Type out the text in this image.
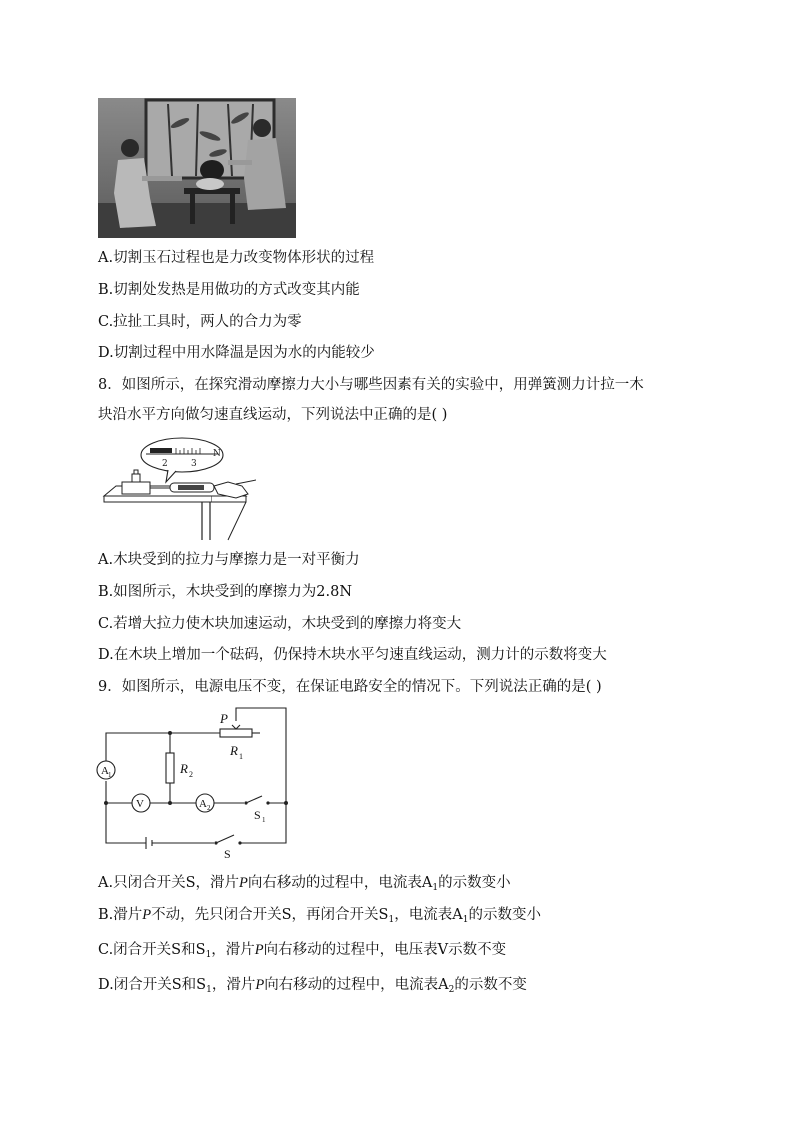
A.切割玉石过程也是力改变物体形状的过程
B.切割处发热是用做功的方式改变其内能
C.拉扯工具时，两人的合力为零
D.切割过程中用水降温是因为水的内能较少
8．如图所示，在探究滑动摩擦力大小与哪些因素有关的实验中，用弹簧测力计拉一木
块沿水平方向做匀速直线运动，下列说法中正确的是( )
2	3
N
A.木块受到的拉力与摩擦力是一对平衡力
B.如图所示，木块受到的摩擦力为2.8N
C.若增大拉力使木块加速运动，木块受到的摩擦力将变大
D.在木块上增加一个砝码，仍保持木块水平匀速直线运动，测力计的示数将变大
9．如图所示，电源电压不变，在保证电路安全的情况下。下列说法正确的是( )
A 1
V	A 2
P
R 1
R 2
S 1
S
A.只闭合开关S，滑片P向右移动的过程中，电流表$A_1$的示数变小
B.滑片P不动，先只闭合开关S，再闭合开关$S_1$，电流表$A_1$的示数变小
C.闭合开关S和$S_1$，滑片P向右移动的过程中，电压表V示数不变
D.闭合开关S和$S_1$，滑片P向右移动的过程中，电流表$A_2$的示数不变
